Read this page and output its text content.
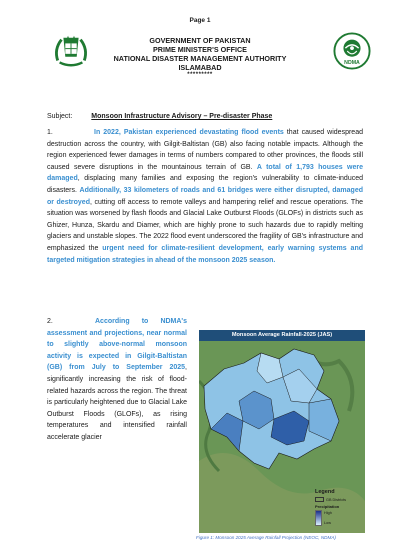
Page 1
NDMA
GOVERNMENT OF PAKISTAN
PRIME MINISTER'S OFFICE
NATIONAL DISASTER MANAGEMENT AUTHORITY
ISLAMABAD
*********
Subject:	Monsoon Infrastructure Advisory – Pre-disaster Phase
1.	In 2022, Pakistan experienced devastating flood events that caused widespread destruction across the country, with Gilgit-Baltistan (GB) also facing notable impacts. Although the region experienced fewer damages in terms of numbers compared to other provinces, the floods still caused severe disruptions in the mountainous terrain of GB. A total of 1,793 houses were damaged, displacing many families and exposing the region's vulnerability to climate-induced disasters. Additionally, 33 kilometers of roads and 61 bridges were either disrupted, damaged or destroyed, cutting off access to remote valleys and hampering relief and rescue operations. The situation was worsened by flash floods and Glacial Lake Outburst Floods (GLOFs) in districts such as Ghizer, Hunza, Skardu and Diamer, which are highly prone to such hazards due to rapidly melting glaciers and unstable slopes. The 2022 flood event underscored the fragility of GB's infrastructure and emphasized the urgent need for climate-resilient development, early warning systems and targeted mitigation strategies in ahead of the monsoon 2025 season.
2.	According to NDMA's assessment and projections, near normal to slightly above-normal monsoon activity is expected in Gilgit-Baltistan (GB) from July to September 2025, significantly increasing the risk of flood-related hazards across the region. The threat is particularly heightened due to Glacial Lake Outburst Floods (GLOFs), as rising temperatures and intensified rainfall accelerate glacier
Monsoon Average Rainfall-2025 (JAS)
Legend
GB Districts
Precipitation
High
Low
Figure 1: Monsoon 2025 Average Rainfall Projection (NEOC, NDMA)
